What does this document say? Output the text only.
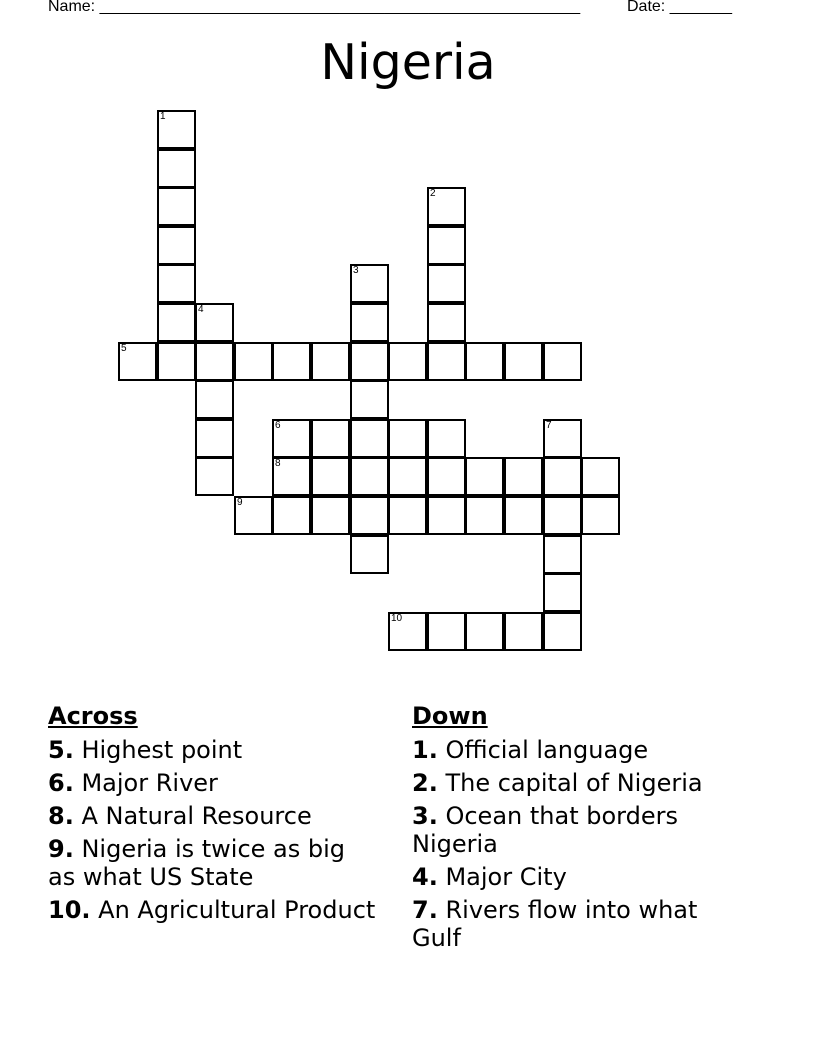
Name: ______________________________________________________	Date: _______
Nigeria
1
2
3
4
5
6	7
8
9
10
Across
5. Highest point
6. Major River
8. A Natural Resource
9. Nigeria is twice as big as what US State
10. An Agricultural Product
Down
1. Official language
2. The capital of Nigeria
3. Ocean that borders Nigeria
4. Major City
7. Rivers flow into what Gulf
